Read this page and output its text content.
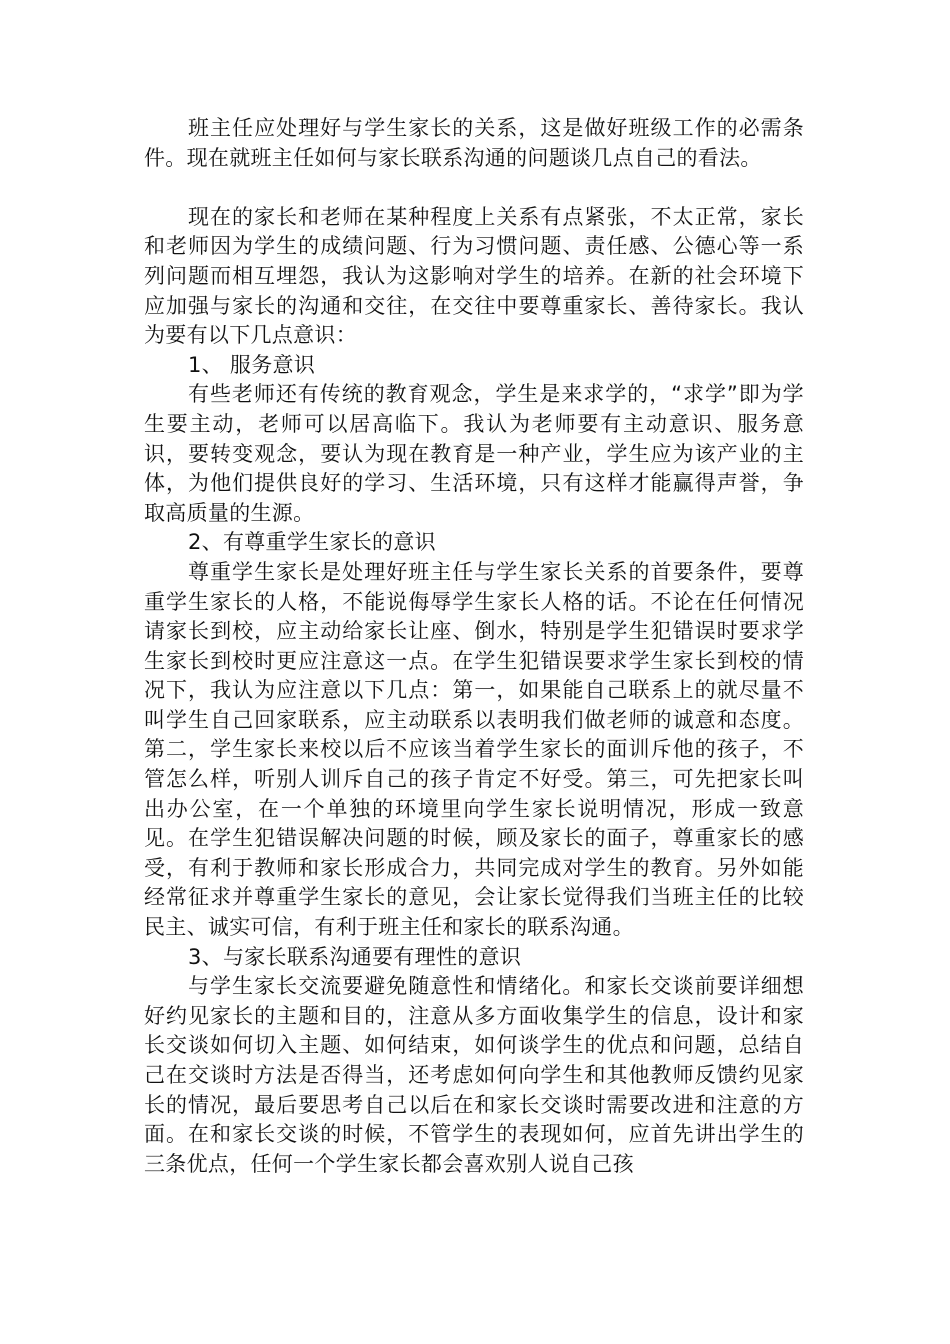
班主任应处理好与学生家长的关系，这是做好班级工作的必需条件。现在就班主任如何与家长联系沟通的问题谈几点自己的看法。

现在的家长和老师在某种程度上关系有点紧张，不太正常，家长和老师因为学生的成绩问题、行为习惯问题、责任感、公德心等一系列问题而相互埋怨，我认为这影响对学生的培养。在新的社会环境下应加强与家长的沟通和交往，在交往中要尊重家长、善待家长。我认为要有以下几点意识：

1、 服务意识

有些老师还有传统的教育观念，学生是来求学的，“求学”即为学生要主动，老师可以居高临下。我认为老师要有主动意识、服务意识，要转变观念，要认为现在教育是一种产业，学生应为该产业的主体，为他们提供良好的学习、生活环境，只有这样才能赢得声誉，争取高质量的生源。

2、有尊重学生家长的意识

尊重学生家长是处理好班主任与学生家长关系的首要条件，要尊重学生家长的人格，不能说侮辱学生家长人格的话。不论在任何情况请家长到校，应主动给家长让座、倒水，特别是学生犯错误时要求学生家长到校时更应注意这一点。在学生犯错误要求学生家长到校的情况下，我认为应注意以下几点：第一，如果能自己联系上的就尽量不叫学生自己回家联系，应主动联系以表明我们做老师的诚意和态度。第二，学生家长来校以后不应该当着学生家长的面训斥他的孩子，不管怎么样，听别人训斥自己的孩子肯定不好受。第三，可先把家长叫出办公室，在一个单独的环境里向学生家长说明情况，形成一致意见。在学生犯错误解决问题的时候，顾及家长的面子，尊重家长的感受，有利于教师和家长形成合力，共同完成对学生的教育。另外如能经常征求并尊重学生家长的意见，会让家长觉得我们当班主任的比较民主、诚实可信，有利于班主任和家长的联系沟通。

3、与家长联系沟通要有理性的意识

与学生家长交流要避免随意性和情绪化。和家长交谈前要详细想好约见家长的主题和目的，注意从多方面收集学生的信息，设计和家长交谈如何切入主题、如何结束，如何谈学生的优点和问题，总结自己在交谈时方法是否得当，还考虑如何向学生和其他教师反馈约见家长的情况，最后要思考自己以后在和家长交谈时需要改进和注意的方面。在和家长交谈的时候，不管学生的表现如何，应首先讲出学生的三条优点，任何一个学生家长都会喜欢别人说自己孩
